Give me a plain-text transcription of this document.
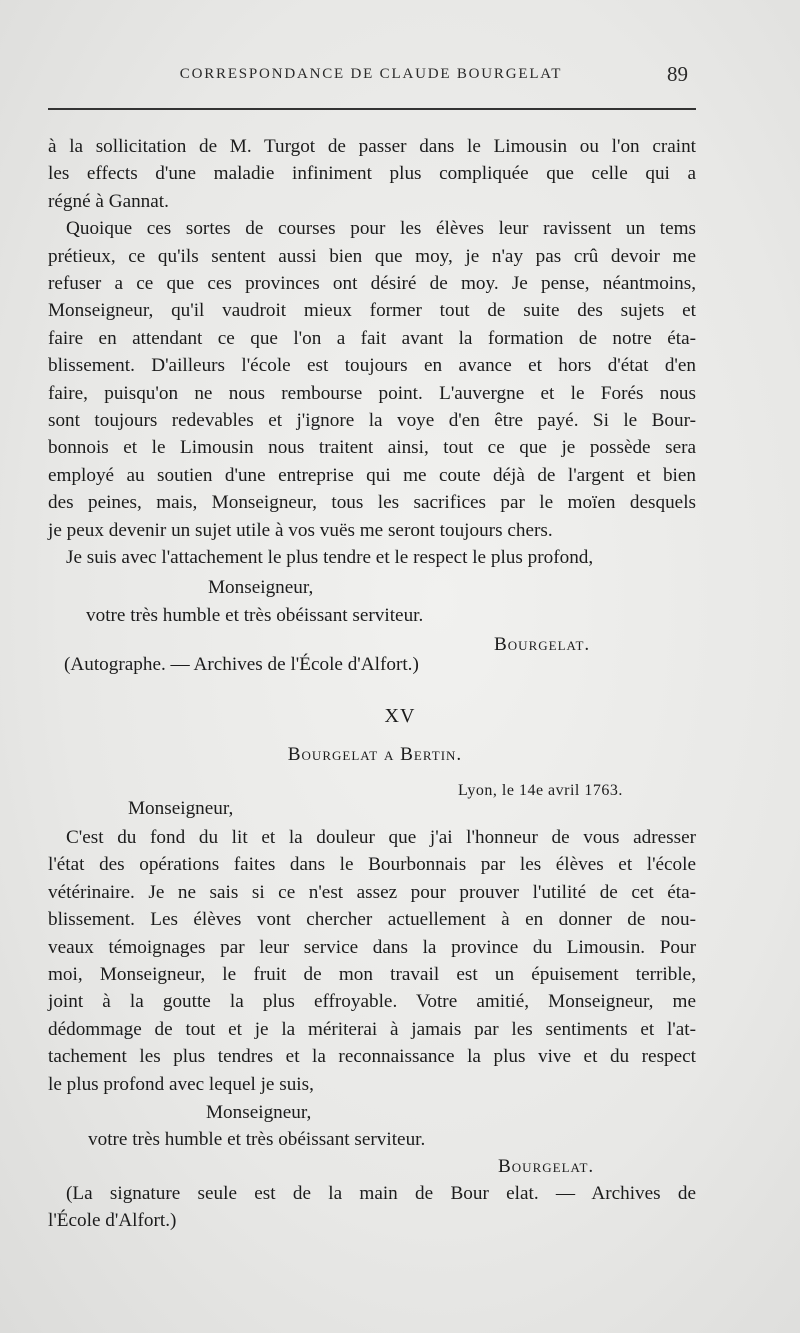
CORRESPONDANCE DE CLAUDE BOURGELAT	89
à la sollicitation de M. Turgot de passer dans le Limousin ou l'on craint
les effects d'une maladie infiniment plus compliquée que celle qui a
régné à Gannat.
Quoique ces sortes de courses pour les élèves leur ravissent un tems
prétieux, ce qu'ils sentent aussi bien que moy, je n'ay pas crû devoir me
refuser a ce que ces provinces ont désiré de moy. Je pense, néantmoins,
Monseigneur, qu'il vaudroit mieux former tout de suite des sujets et
faire en attendant ce que l'on a fait avant la formation de notre éta-
blissement. D'ailleurs l'école est toujours en avance et hors d'état d'en
faire, puisqu'on ne nous rembourse point. L'auvergne et le Forés nous
sont toujours redevables et j'ignore la voye d'en être payé. Si le Bour-
bonnois et le Limousin nous traitent ainsi, tout ce que je possède sera
employé au soutien d'une entreprise qui me coute déjà de l'argent et bien
des peines, mais, Monseigneur, tous les sacrifices par le moïen desquels
je peux devenir un sujet utile à vos vuës me seront toujours chers.
Je suis avec l'attachement le plus tendre et le respect le plus profond,
Monseigneur,
votre très humble et très obéissant serviteur.
Bourgelat.
(Autographe. — Archives de l'École d'Alfort.)
XV
Bourgelat a Bertin.
Lyon, le 14e avril 1763.
Monseigneur,
C'est du fond du lit et la douleur que j'ai l'honneur de vous adresser
l'état des opérations faites dans le Bourbonnais par les élèves et l'école
vétérinaire. Je ne sais si ce n'est assez pour prouver l'utilité de cet éta-
blissement. Les élèves vont chercher actuellement à en donner de nou-
veaux témoignages par leur service dans la province du Limousin. Pour
moi, Monseigneur, le fruit de mon travail est un épuisement terrible,
joint à la goutte la plus effroyable. Votre amitié, Monseigneur, me
dédommage de tout et je la mériterai à jamais par les sentiments et l'at-
tachement les plus tendres et la reconnaissance la plus vive et du respect
le plus profond avec lequel je suis,
Monseigneur,
votre très humble et très obéissant serviteur.
Bourgelat.
(La signature seule est de la main de Bour elat. — Archives de
l'École d'Alfort.)
